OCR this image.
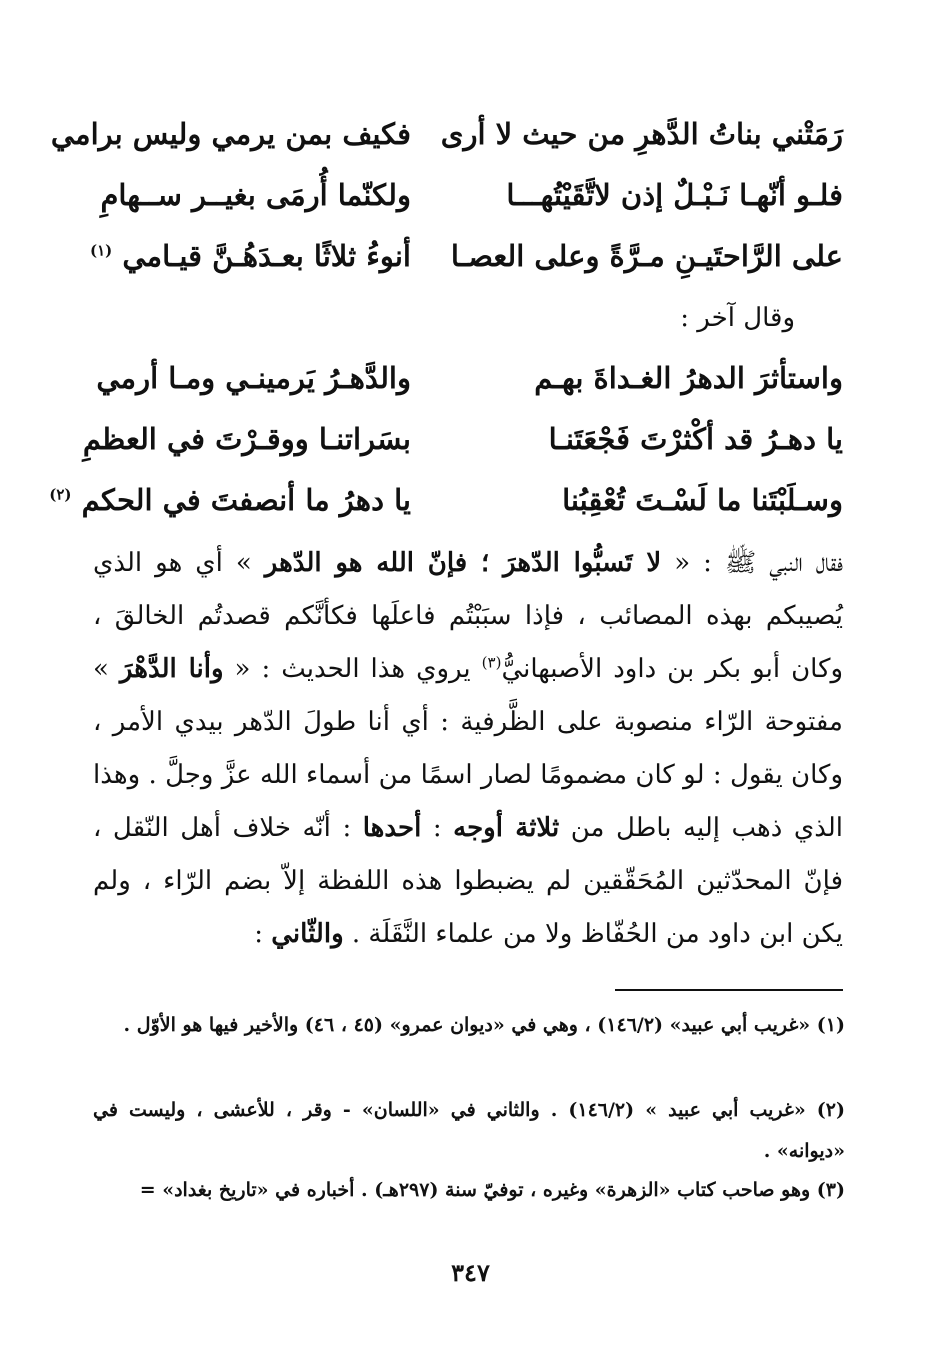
رَمَتْني بناتُ الدَّهرِ من حيث لا أرى
فكيف بمن يرمي وليس برامي
فلـو أنّهـا نَـبْـلٌ إذن لاتَّقَيْتُهـــا
ولكنّما أُرمَى بغيــر ســهامِ
على الرَّاحتَيـنِ مـرَّةً وعلى العصـا
أنوءُ ثلاثًا بعـدَهُـنَّ قيـامي $^{(١)}$
وقال آخر :
واستأثرَ الدهرُ الغـداةَ بهـم
والدَّهـرُ يَرمينـي ومـا أرمي
يا دهـرُ قد أكْثرْتَ فَجْعَتَنـا
بسَراتنـا ووقـرْتَ في العظمِ
وسـلَبْتَنا ما لَسْـتَ تُعْقِبُنا
يا دهرُ ما أنصفتَ في الحكم $^{(٢)}$

فقال النبي ﷺ : « لا تَسبُّوا الدّهرَ ؛ فإنّ الله هو الدّهر » أي هو الذي يُصيبكم بهذه المصائب ، فإذا سبَبْتُم فاعلَها فكأنَّكم قصدتُم الخالقَ ، وكان أبو بكر بن داود الأصبهانيُّ$^{(٣)}$ يروي هذا الحديث : « وأنا الدَّهْرَ » مفتوحة الرّاء منصوبة على الظَّرفية : أي أنا طولَ الدّهر بيدي الأمر ، وكان يقول : لو كان مضمومًا لصار اسمًا من أسماء الله عزَّ وجلَّ . وهذا الذي ذهب إليه باطل من ثلاثة أوجه : أحدها : أنّه خلاف أهل النّقل ، فإنّ المحدّثين المُحَقّقين لم يضبطوا هذه اللفظة إلاّ بضم الرّاء ، ولم يكن ابن داود من الحُفّاظ ولا من علماء النَّقَلَة . والثّاني :

(١) «غريب أبي عبيد» (١٤٦/٢) ، وهي في «ديوان عمرو» (٤٥ ، ٤٦) والأخير فيها هو الأوّل .
(٢) «غريب أبي عبيد » (١٤٦/٢) . والثاني في «اللسان» - وقر ، للأعشى ، وليست في «ديوانه» .
(٣) وهو صاحب كتاب «الزهرة» وغيره ، توفيّ سنة (٢٩٧هـ) . أخباره في «تاريخ بغداد» =
٣٤٧
